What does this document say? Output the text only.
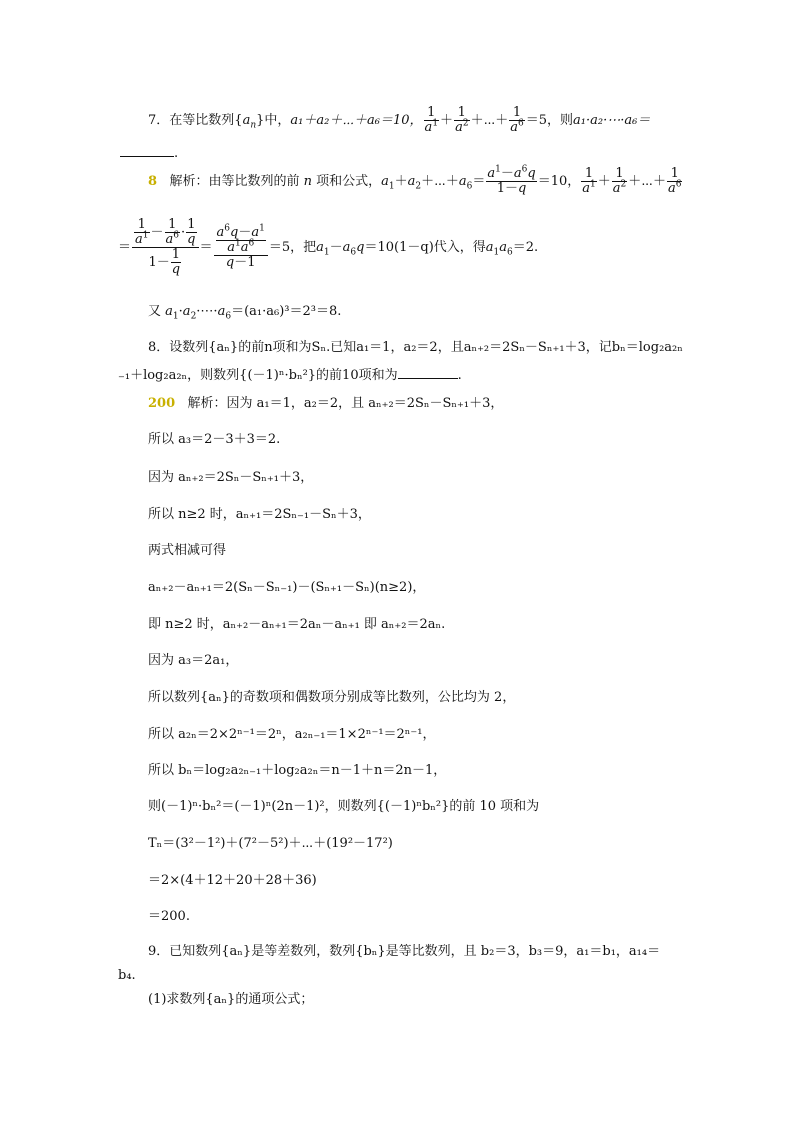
7．在等比数列$\{a_n\}$中，a₁＋a₂＋⋯＋a₆＝10， $\frac{1}{a^1} + \frac{1}{a^2}$ ＋⋯＋ $\frac{1}{a^6} =5$，则a₁·a₂·⋯·a₆＝
.
8 解析：由等比数列的前 n 项和公式，$a_1+a_2+\cdots+a_6= \frac{a^1-a^6q}{1-q} =10$， $\frac{1}{a^1} + \frac{1}{a^2}$ ＋⋯＋ $\frac{1}{a^6}$
＝ $\frac{\frac{1}{a^1} - \frac{1}{a^6} \cdot \frac{1}{q}}{1- \frac{1}{q}} = \frac{\frac{a^6q-a^1}{a^1a^6}}{q-1} =5$，把$a_1-a_6q=10(1-q)$代入，得$a_1a_6=2$.
又 $a_1\cdot a_2\cdot\cdots\cdot a_6=(a_1\cdot a_6)^3=2^3=8$.
8．设数列{aₙ}的前n项和为Sₙ.已知a₁＝1，a₂＝2，且aₙ₊₂＝2Sₙ－Sₙ₊₁＋3，记bₙ＝log₂a₂ₙ
₋₁＋log₂a₂ₙ，则数列{(－1)ⁿ·bₙ²}的前10项和为	.
200 解析：因为 a₁＝1，a₂＝2，且 aₙ₊₂＝2Sₙ－Sₙ₊₁＋3，
所以 a₃＝2－3＋3＝2.
因为 aₙ₊₂＝2Sₙ－Sₙ₊₁＋3，
所以 n≥2 时，aₙ₊₁＝2Sₙ₋₁－Sₙ＋3，
两式相减可得
aₙ₊₂－aₙ₊₁＝2(Sₙ－Sₙ₋₁)－(Sₙ₊₁－Sₙ)(n≥2)，
即 n≥2 时，aₙ₊₂－aₙ₊₁＝2aₙ－aₙ₊₁ 即 aₙ₊₂＝2aₙ.
因为 a₃＝2a₁，
所以数列{aₙ}的奇数项和偶数项分别成等比数列，公比均为 2，
所以 a₂ₙ＝2×2ⁿ⁻¹＝2ⁿ，a₂ₙ₋₁＝1×2ⁿ⁻¹＝2ⁿ⁻¹，
所以 bₙ＝log₂a₂ₙ₋₁＋log₂a₂ₙ＝n－1＋n＝2n－1，
则(－1)ⁿ·bₙ²＝(－1)ⁿ(2n－1)²，则数列{(－1)ⁿbₙ²}的前 10 项和为
Tₙ＝(3²－1²)＋(7²－5²)＋⋯＋(19²－17²)
＝2×(4＋12＋20＋28＋36)
＝200.
9．已知数列{aₙ}是等差数列，数列{bₙ}是等比数列，且 b₂＝3，b₃＝9，a₁＝b₁，a₁₄＝
b₄.
(1)求数列{aₙ}的通项公式；
